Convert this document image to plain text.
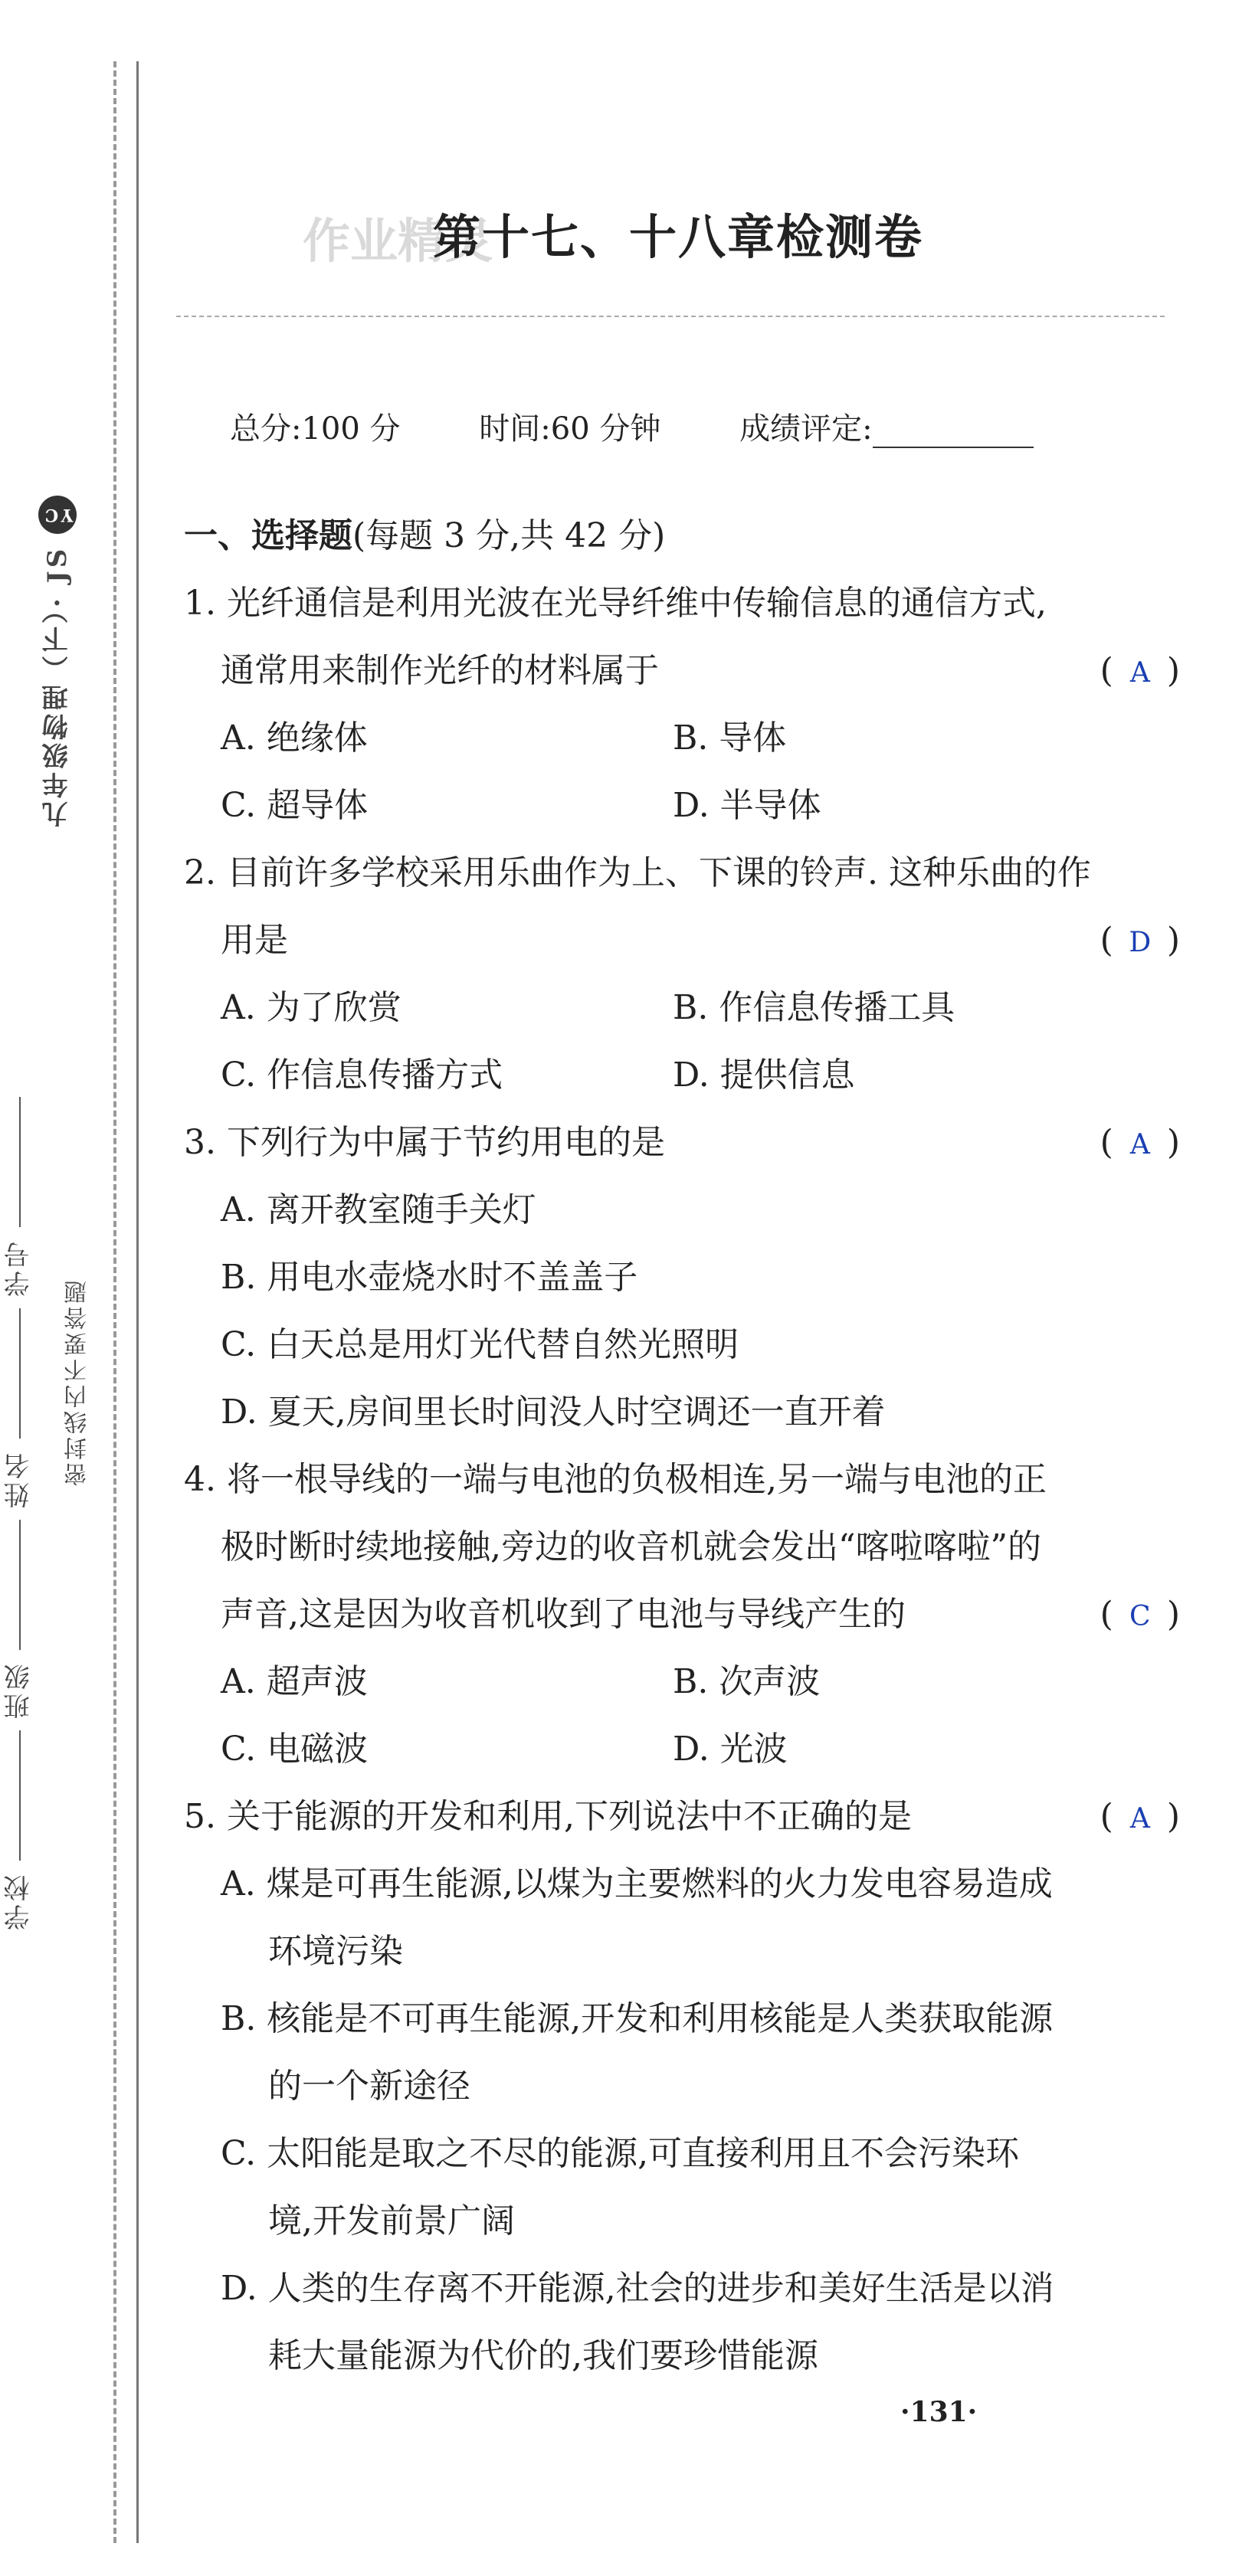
九年级物理（下）· JS YC
学校  班级  姓名  学号
密封线内不要答题
作业精灵
第十七、十八章检测卷
总分:100 分	时间:60 分钟	成绩评定:
一、选择题(每题 3 分,共 42 分)
1. 光纤通信是利用光波在光导纤维中传输信息的通信方式,
通常用来制作光纤的材料属于	( A )
A. 绝缘体	B. 导体
C. 超导体	D. 半导体
2. 目前许多学校采用乐曲作为上、下课的铃声. 这种乐曲的作
用是	( D )
A. 为了欣赏	B. 作信息传播工具
C. 作信息传播方式	D. 提供信息
3. 下列行为中属于节约用电的是	( A )
A. 离开教室随手关灯
B. 用电水壶烧水时不盖盖子
C. 白天总是用灯光代替自然光照明
D. 夏天,房间里长时间没人时空调还一直开着
4. 将一根导线的一端与电池的负极相连,另一端与电池的正
极时断时续地接触,旁边的收音机就会发出“喀啦喀啦”的
声音,这是因为收音机收到了电池与导线产生的	( C )
A. 超声波	B. 次声波
C. 电磁波	D. 光波
5. 关于能源的开发和利用,下列说法中不正确的是	( A )
A. 煤是可再生能源,以煤为主要燃料的火力发电容易造成
环境污染
B. 核能是不可再生能源,开发和利用核能是人类获取能源
的一个新途径
C. 太阳能是取之不尽的能源,可直接利用且不会污染环
境,开发前景广阔
D. 人类的生存离不开能源,社会的进步和美好生活是以消
耗大量能源为代价的,我们要珍惜能源
·131·
